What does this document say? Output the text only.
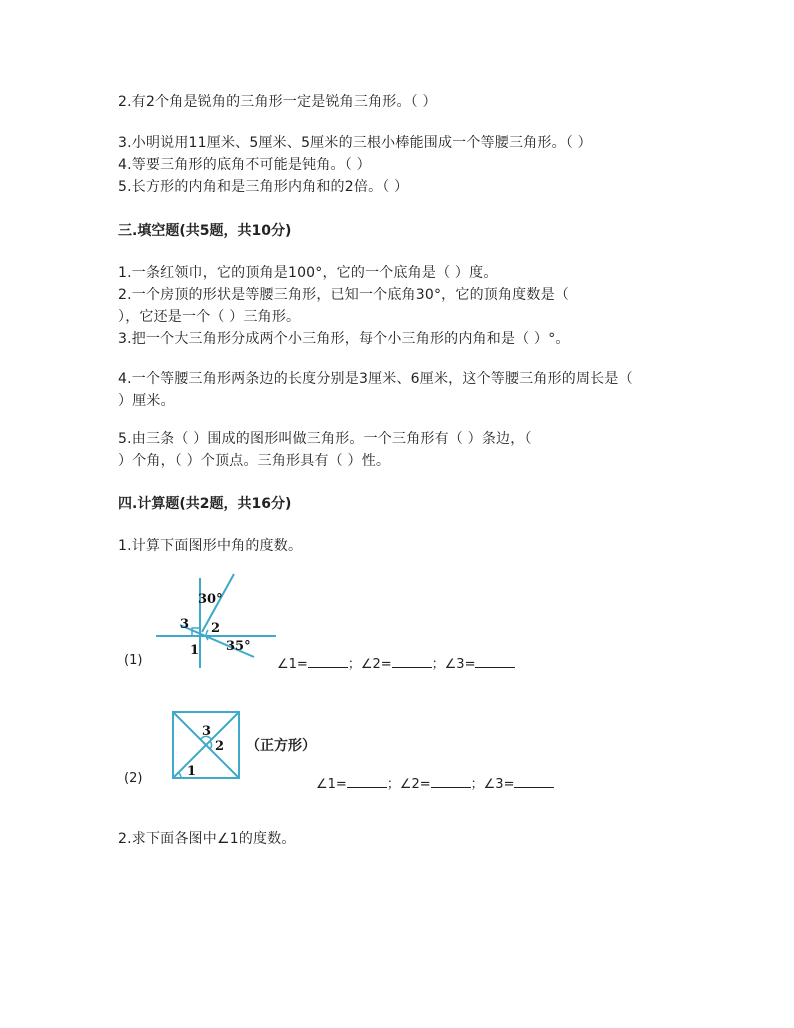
2.有2个角是锐角的三角形一定是锐角三角形。（ ）
3.小明说用11厘米、5厘米、5厘米的三根小棒能围成一个等腰三角形。（ ）
4.等要三角形的底角不可能是钝角。（ ）
5.长方形的内角和是三角形内角和的2倍。（ ）
三.填空题(共5题，共10分)
1.一条红领巾，它的顶角是100°，它的一个底角是（ ）度。
2.一个房顶的形状是等腰三角形，已知一个底角30°，它的顶角度数是（
），它还是一个（ ）三角形。
3.把一个大三角形分成两个小三角形，每个小三角形的内角和是（ ）°。
4.一个等腰三角形两条边的长度分别是3厘米、6厘米，这个等腰三角形的周长是（
）厘米。
5.由三条（ ）围成的图形叫做三角形。一个三角形有（ ）条边，（
）个角，（ ）个顶点。三角形具有（ ）性。
四.计算题(共2题，共16分)
1.计算下面图形中角的度数。
(1)
30°
35°
3 2
1
∠1=	；∠2=	；∠3=
(2)
3
2
1
（正方形）
∠1=	；∠2=	；∠3=
2.求下面各图中∠1的度数。
